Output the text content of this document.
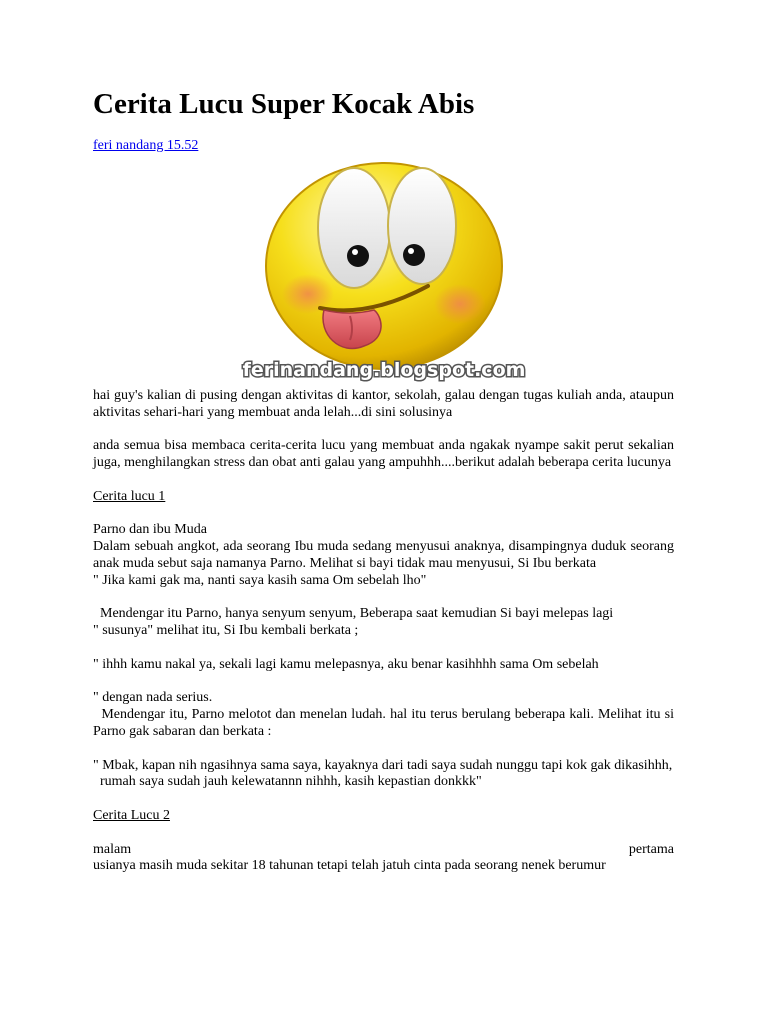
Cerita Lucu Super Kocak Abis
feri nandang 15.52
ferinandang.blogspot.com

hai guy's kalian di pusing dengan aktivitas di kantor, sekolah, galau dengan tugas kuliah anda, ataupun aktivitas sehari-hari yang membuat anda lelah...di sini solusinya

anda semua bisa membaca cerita-cerita lucu yang membuat anda ngakak nyampe sakit perut sekalian juga, menghilangkan stress dan obat anti galau yang ampuhhh....berikut adalah beberapa cerita lucunya

Cerita lucu 1

Parno dan ibu Muda

Dalam sebuah angkot, ada seorang Ibu muda sedang menyusui anaknya, disampingnya duduk seorang anak muda sebut saja namanya Parno. Melihat si bayi tidak mau menyusui, Si Ibu berkata

" Jika kami gak ma, nanti saya kasih sama Om sebelah lho"

Mendengar itu Parno, hanya senyum senyum, Beberapa saat kemudian Si bayi melepas lagi

" susunya" melihat itu, Si Ibu kembali berkata ;

" ihhh kamu nakal ya, sekali lagi kamu melepasnya, aku benar kasihhhh sama Om sebelah

" dengan nada serius.

Mendengar itu, Parno melotot dan menelan ludah. hal itu terus berulang beberapa kali. Melihat itu si         Parno gak sabaran dan berkata :

" Mbak, kapan nih ngasihnya sama saya, kayaknya dari tadi saya sudah nunggu tapi kok gak dikasihhh,

rumah saya sudah jauh kelewatannn nihhh, kasih kepastian donkkk"

Cerita Lucu 2

malam	pertama

usianya masih muda sekitar 18 tahunan tetapi telah jatuh cinta pada seorang nenek berumur
